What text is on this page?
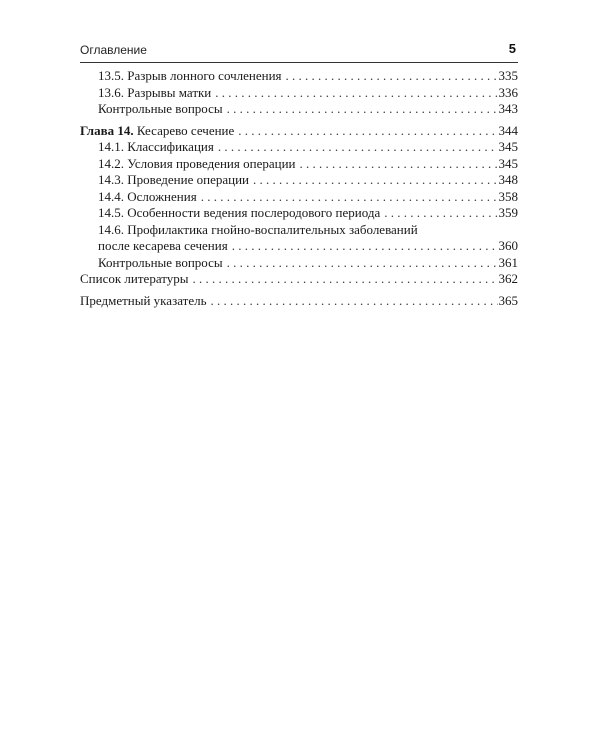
Оглавление	5
13.5. Разрыв лонного сочленения . . .	335
13.6. Разрывы матки . . .	336
Контрольные вопросы . . .	343
Глава 14. Кесарево сечение . . .	344
14.1. Классификация . . .	345
14.2. Условия проведения операции . . .	345
14.3. Проведение операции . . .	348
14.4. Осложнения . . .	358
14.5. Особенности ведения послеродового периода . . .	359
14.6. Профилактика гнойно-воспалительных заболеваний
после кесарева сечения . . .	360
Контрольные вопросы . . .	361
Список литературы . . .	362
Предметный указатель . . .	365
